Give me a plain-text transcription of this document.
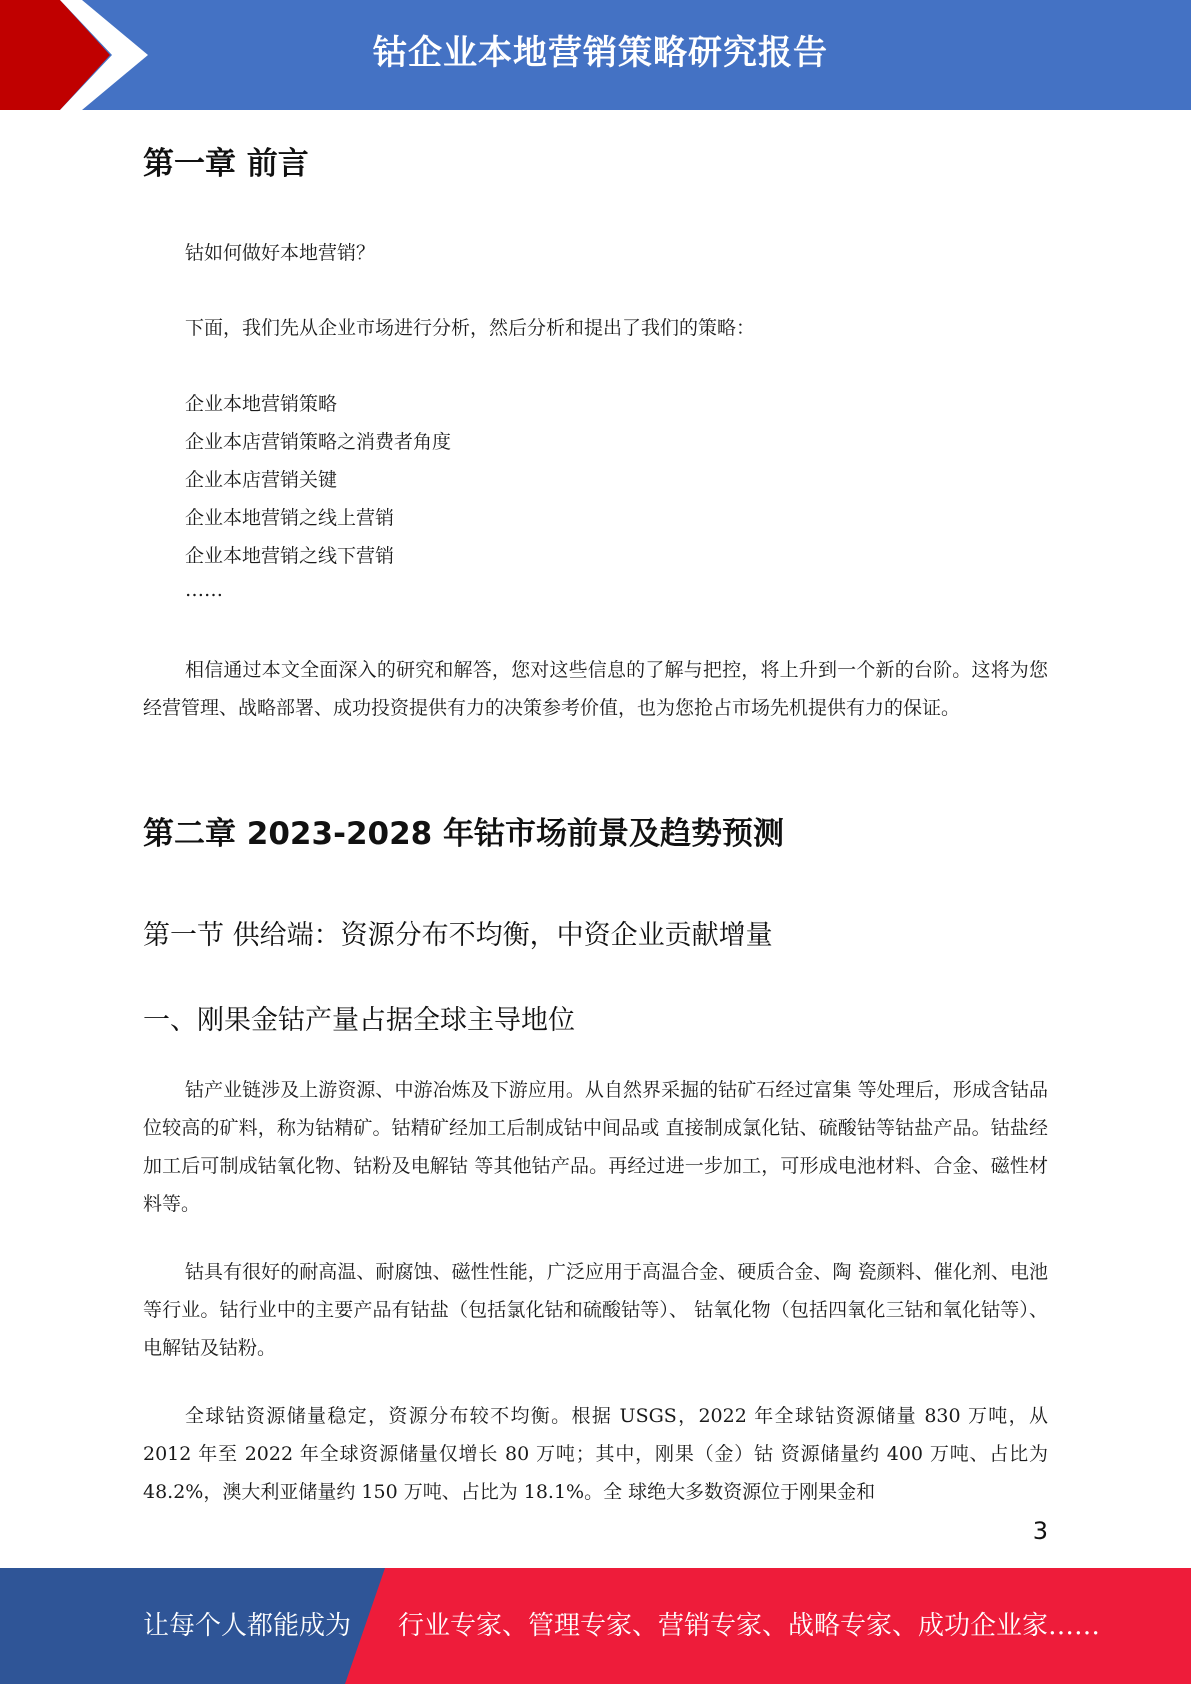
钴企业本地营销策略研究报告
第一章 前言

钴如何做好本地营销？

下面，我们先从企业市场进行分析，然后分析和提出了我们的策略：

企业本地营销策略

企业本店营销策略之消费者角度

企业本店营销关键

企业本地营销之线上营销

企业本地营销之线下营销

……

相信通过本文全面深入的研究和解答，您对这些信息的了解与把控，将上升到一个新的台阶。这将为您经营管理、战略部署、成功投资提供有力的决策参考价值，也为您抢占市场先机提供有力的保证。

第二章 2023-2028 年钴市场前景及趋势预测
第一节 供给端：资源分布不均衡，中资企业贡献增量
一、刚果金钴产量占据全球主导地位

钴产业链涉及上游资源、中游冶炼及下游应用。从自然界采掘的钴矿石经过富集 等处理后，形成含钴品位较高的矿料，称为钴精矿。钴精矿经加工后制成钴中间品或 直接制成氯化钴、硫酸钴等钴盐产品。钴盐经加工后可制成钴氧化物、钴粉及电解钴 等其他钴产品。再经过进一步加工，可形成电池材料、合金、磁性材料等。

钴具有很好的耐高温、耐腐蚀、磁性性能，广泛应用于高温合金、硬质合金、陶 瓷颜料、催化剂、电池等行业。钴行业中的主要产品有钴盐（包括氯化钴和硫酸钴等）、 钴氧化物（包括四氧化三钴和氧化钴等）、电解钴及钴粉。

全球钴资源储量稳定，资源分布较不均衡。根据 USGS，2022 年全球钴资源储量 830 万吨，从 2012 年至 2022 年全球资源储量仅增长 80 万吨；其中，刚果（金）钴 资源储量约 400 万吨、占比为 48.2%，澳大利亚储量约 150 万吨、占比为 18.1%。全 球绝大多数资源位于刚果金和

3
让每个人都能成为 行业专家、管理专家、营销专家、战略专家、成功企业家……
